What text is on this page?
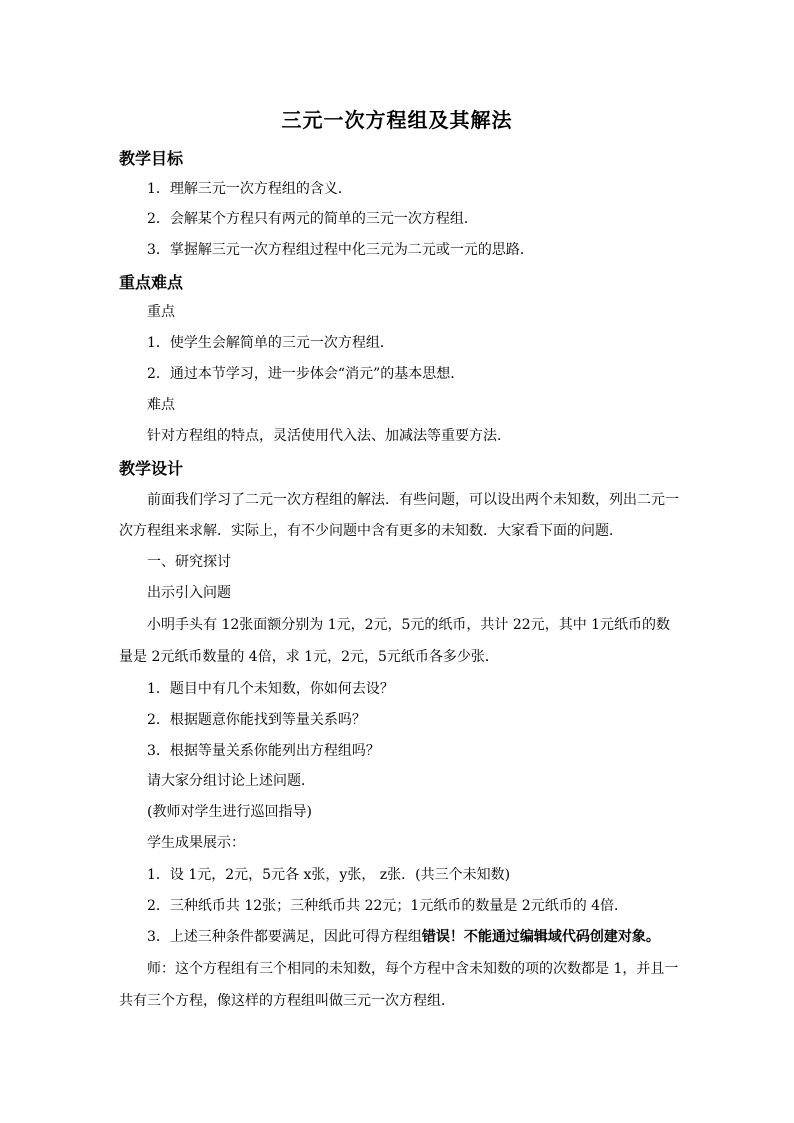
三元一次方程组及其解法
教学目标
1．理解三元一次方程组的含义．
2．会解某个方程只有两元的简单的三元一次方程组．
3．掌握解三元一次方程组过程中化三元为二元或一元的思路．
重点难点
重点
1．使学生会解简单的三元一次方程组．
2．通过本节学习，进一步体会“消元”的基本思想．
难点
针对方程组的特点，灵活使用代入法、加减法等重要方法．
教学设计
前面我们学习了二元一次方程组的解法．有些问题，可以设出两个未知数，列出二元一
次方程组来求解．实际上，有不少问题中含有更多的未知数．大家看下面的问题．
一、研究探讨
出示引入问题
小明手头有 12张面额分别为 1元，2元，5元的纸币，共计 22元，其中 1元纸币的数
量是 2元纸币数量的 4倍，求 1元，2元，5元纸币各多少张．
1．题目中有几个未知数，你如何去设？
2．根据题意你能找到等量关系吗？
3．根据等量关系你能列出方程组吗？
请大家分组讨论上述问题．
(教师对学生进行巡回指导)
学生成果展示：
1．设 1元，2元，5元各 x张，y张， z张．(共三个未知数)
2．三种纸币共 12张；三种纸币共 22元；1元纸币的数量是 2元纸币的 4倍．
3．上述三种条件都要满足，因此可得方程组错误！不能通过编辑域代码创建对象。
师：这个方程组有三个相同的未知数，每个方程中含未知数的项的次数都是 1，并且一
共有三个方程，像这样的方程组叫做三元一次方程组．
